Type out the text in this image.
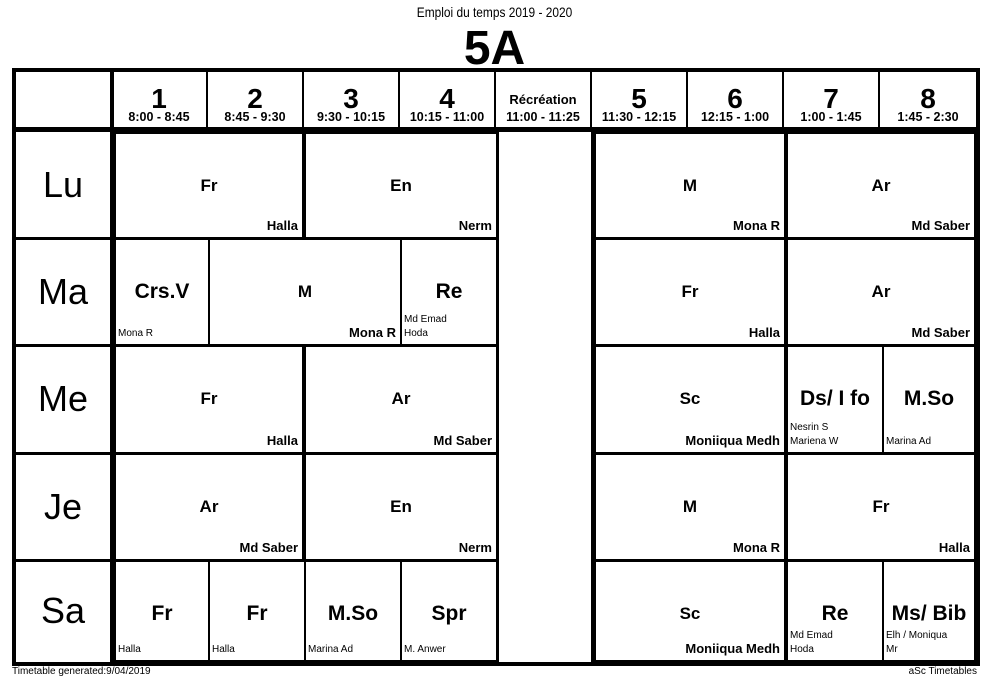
Emploi du temps 2019 - 2020
5A
1
8:00 - 8:45
2
8:45 - 9:30
3
9:30 - 10:15
4
10:15 - 11:00
Récréation
11:00 - 11:25
5
11:30 - 12:15
6
12:15 - 1:00
7
1:00 - 1:45
8
1:45 - 2:30
Lu
Ma
Me
Je
Sa
Fr
Halla
En
Nerm
M
Mona R
Ar
Md Saber
Crs.V
Mona R
M
Mona R
Re
Md Emad
Hoda
Fr
Halla
Ar
Md Saber
Fr
Halla
Ar
Md Saber
Sc
Moniiqua Medh
Ds/ I fo
Nesrin S
Mariena W
M.So
Marina Ad
Ar
Md Saber
En
Nerm
M
Mona R
Fr
Halla
Fr
Halla
Fr
Halla
M.So
Marina Ad
Spr
M. Anwer
Sc
Moniiqua Medh
Re
Md Emad
Hoda
Ms/ Bib
Elh / Moniqua
Mr
Timetable generated:9/04/2019	aSc Timetables
